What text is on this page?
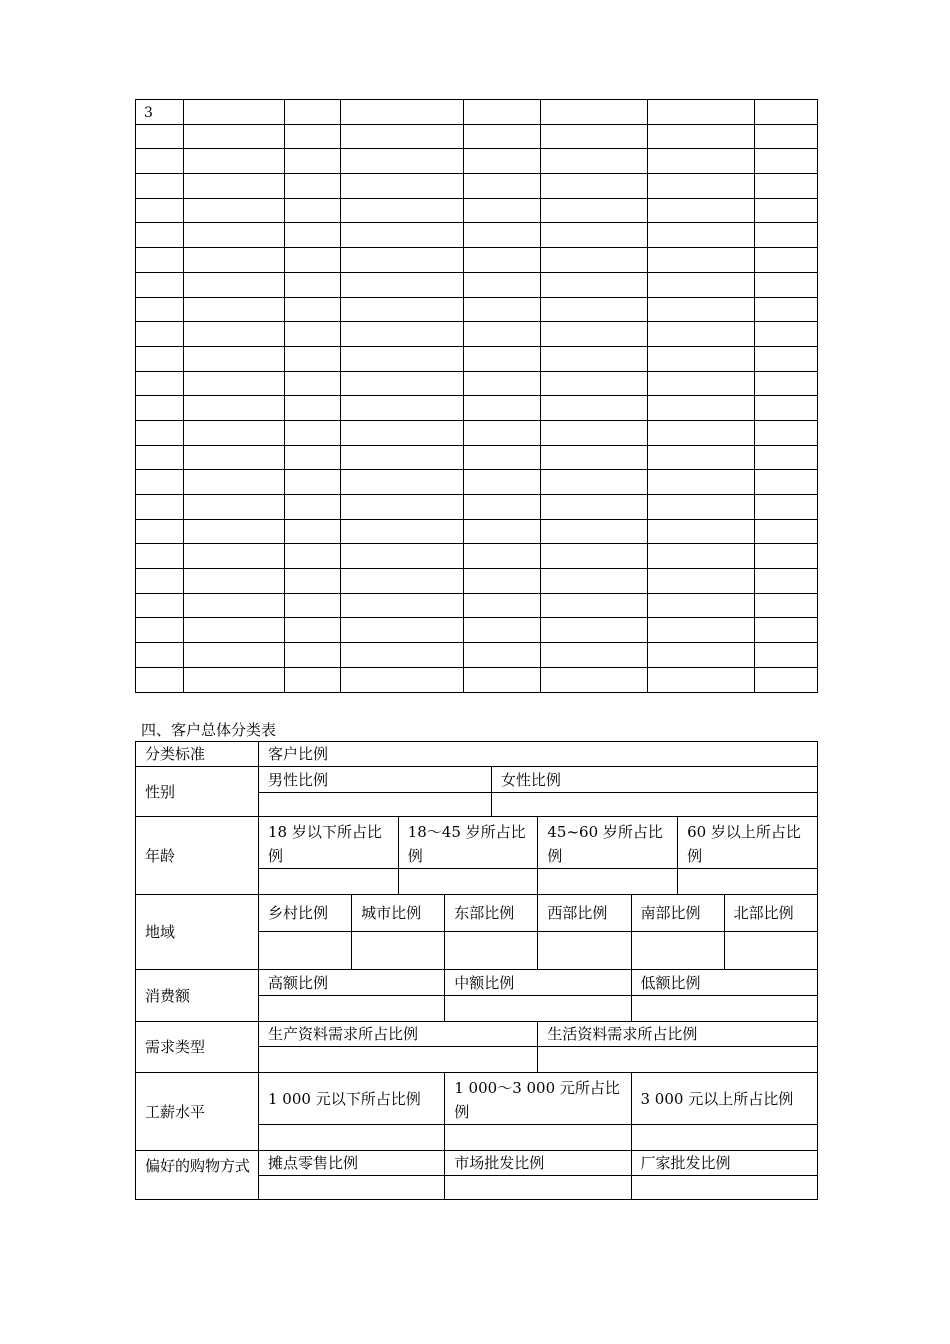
3							

四、客户总体分类表
分类标准	客户比例								
性别	男性比例				女性比例				

年龄	18 岁以下所占比例		18～45 岁所占比例			45~60 岁所占比例		60 岁以上所占比例	

地域	乡村比例	城市比例		东部比例		西部比例	南部比例		北部比例

消费额	高额比例			中额比例			低额比例		

需求类型	生产资料需求所占比例					生活资料需求所占比例			

工薪水平	1 000 元以下所占比例			1 000～3 000 元所占比例			3 000 元以上所占比例		

偏好的购物方式	摊点零售比例			市场批发比例			厂家批发比例		
